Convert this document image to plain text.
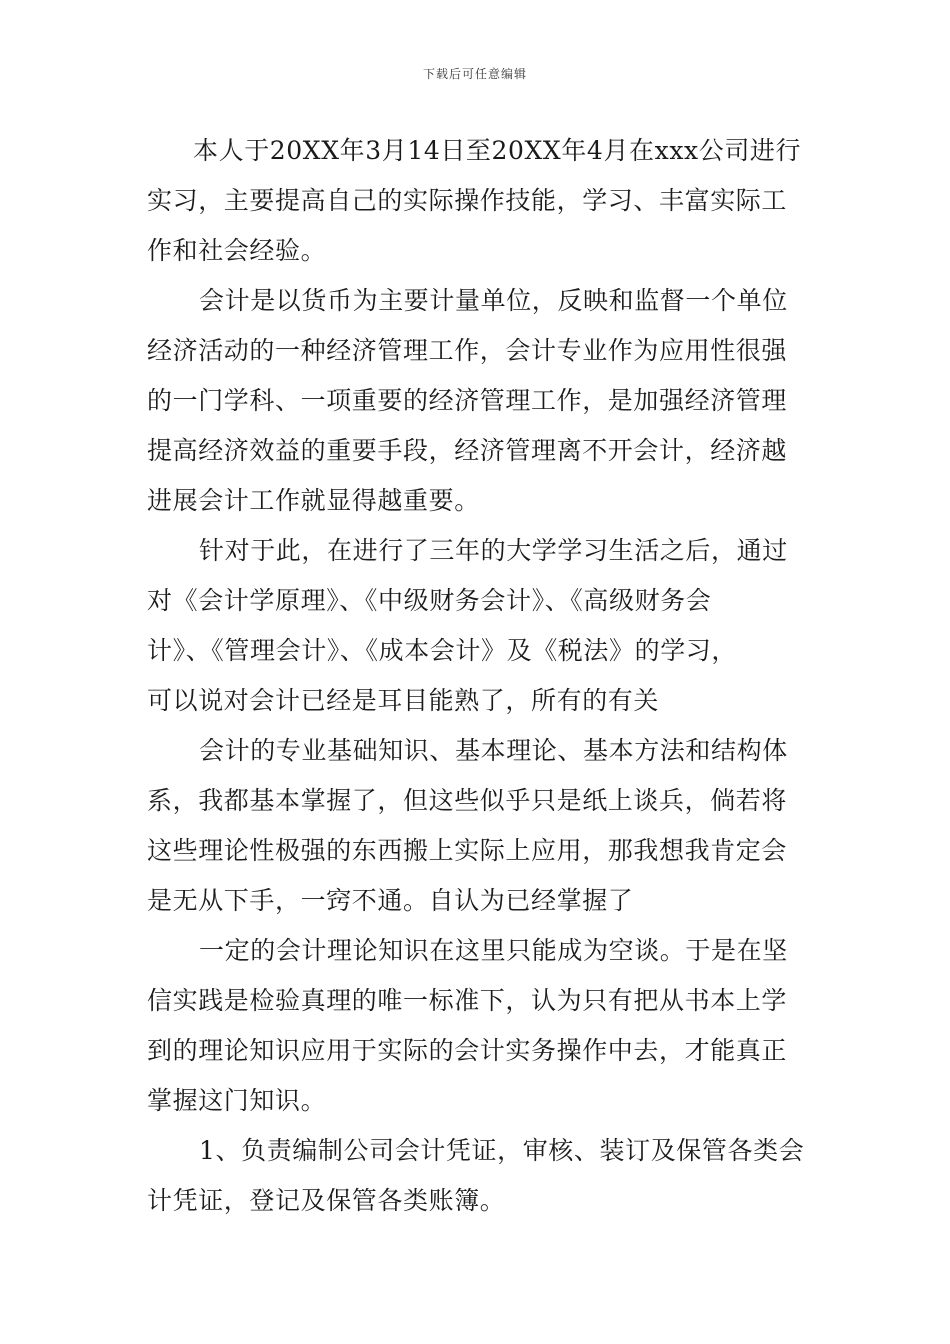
下载后可任意编辑
本人于20XX年3月14日至20XX年4月在xxx公司进行
实习，主要提高自己的实际操作技能，学习、丰富实际工
作和社会经验。
会计是以货币为主要计量单位，反映和监督一个单位
经济活动的一种经济管理工作，会计专业作为应用性很强
的一门学科、一项重要的经济管理工作，是加强经济管理
提高经济效益的重要手段，经济管理离不开会计，经济越
进展会计工作就显得越重要。
针对于此，在进行了三年的大学学习生活之后，通过
对《会计学原理》、《中级财务会计》、《高级财务会
计》、《管理会计》、《成本会计》及《税法》的学习，
可以说对会计已经是耳目能熟了，所有的有关
会计的专业基础知识、基本理论、基本方法和结构体
系，我都基本掌握了，但这些似乎只是纸上谈兵，倘若将
这些理论性极强的东西搬上实际上应用，那我想我肯定会
是无从下手，一窍不通。自认为已经掌握了
一定的会计理论知识在这里只能成为空谈。于是在坚
信实践是检验真理的唯一标准下，认为只有把从书本上学
到的理论知识应用于实际的会计实务操作中去，才能真正
掌握这门知识。
1、负责编制公司会计凭证，审核、装订及保管各类会
计凭证，登记及保管各类账簿。
